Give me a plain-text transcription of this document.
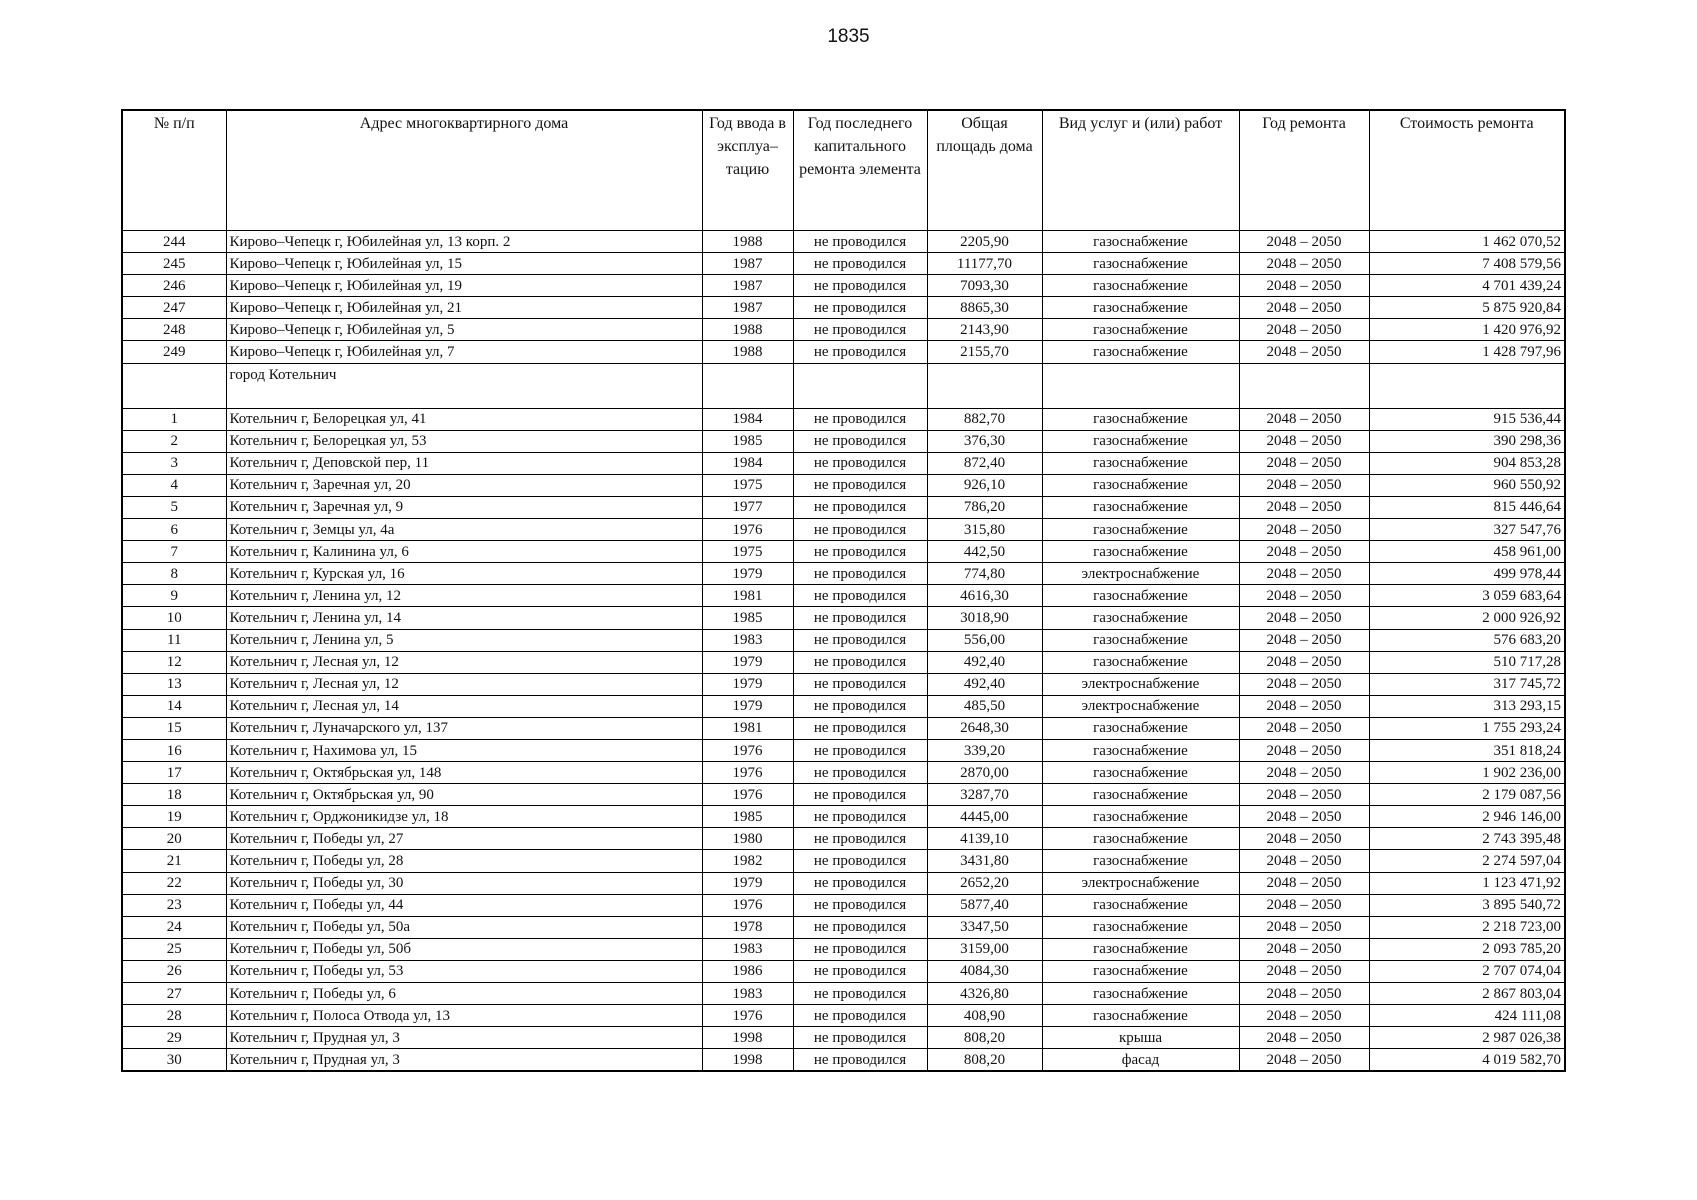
1835
№ п/п	Адрес многоквартирного дома	Год ввода в эксплуа– тацию	Год последнего капитального ремонта элемента	Общая площадь дома	Вид услуг и (или) работ	Год ремонта	Стоимость ремонта
244	Кирово–Чепецк г, Юбилейная ул, 13 корп. 2	1988	не проводился	2205,90	газоснабжение	2048 – 2050	1 462 070,52
245	Кирово–Чепецк г, Юбилейная ул, 15	1987	не проводился	11177,70	газоснабжение	2048 – 2050	7 408 579,56
246	Кирово–Чепецк г, Юбилейная ул, 19	1987	не проводился	7093,30	газоснабжение	2048 – 2050	4 701 439,24
247	Кирово–Чепецк г, Юбилейная ул, 21	1987	не проводился	8865,30	газоснабжение	2048 – 2050	5 875 920,84
248	Кирово–Чепецк г, Юбилейная ул, 5	1988	не проводился	2143,90	газоснабжение	2048 – 2050	1 420 976,92
249	Кирово–Чепецк г, Юбилейная ул, 7	1988	не проводился	2155,70	газоснабжение	2048 – 2050	1 428 797,96
	город Котельнич						
1	Котельнич г, Белорецкая ул, 41	1984	не проводился	882,70	газоснабжение	2048 – 2050	915 536,44
2	Котельнич г, Белорецкая ул, 53	1985	не проводился	376,30	газоснабжение	2048 – 2050	390 298,36
3	Котельнич г, Деповской пер, 11	1984	не проводился	872,40	газоснабжение	2048 – 2050	904 853,28
4	Котельнич г, Заречная ул, 20	1975	не проводился	926,10	газоснабжение	2048 – 2050	960 550,92
5	Котельнич г, Заречная ул, 9	1977	не проводился	786,20	газоснабжение	2048 – 2050	815 446,64
6	Котельнич г, Земцы ул, 4а	1976	не проводился	315,80	газоснабжение	2048 – 2050	327 547,76
7	Котельнич г, Калинина ул, 6	1975	не проводился	442,50	газоснабжение	2048 – 2050	458 961,00
8	Котельнич г, Курская ул, 16	1979	не проводился	774,80	электроснабжение	2048 – 2050	499 978,44
9	Котельнич г, Ленина ул, 12	1981	не проводился	4616,30	газоснабжение	2048 – 2050	3 059 683,64
10	Котельнич г, Ленина ул, 14	1985	не проводился	3018,90	газоснабжение	2048 – 2050	2 000 926,92
11	Котельнич г, Ленина ул, 5	1983	не проводился	556,00	газоснабжение	2048 – 2050	576 683,20
12	Котельнич г, Лесная ул, 12	1979	не проводился	492,40	газоснабжение	2048 – 2050	510 717,28
13	Котельнич г, Лесная ул, 12	1979	не проводился	492,40	электроснабжение	2048 – 2050	317 745,72
14	Котельнич г, Лесная ул, 14	1979	не проводился	485,50	электроснабжение	2048 – 2050	313 293,15
15	Котельнич г, Луначарского ул, 137	1981	не проводился	2648,30	газоснабжение	2048 – 2050	1 755 293,24
16	Котельнич г, Нахимова ул, 15	1976	не проводился	339,20	газоснабжение	2048 – 2050	351 818,24
17	Котельнич г, Октябрьская ул, 148	1976	не проводился	2870,00	газоснабжение	2048 – 2050	1 902 236,00
18	Котельнич г, Октябрьская ул, 90	1976	не проводился	3287,70	газоснабжение	2048 – 2050	2 179 087,56
19	Котельнич г, Орджоникидзе ул, 18	1985	не проводился	4445,00	газоснабжение	2048 – 2050	2 946 146,00
20	Котельнич г, Победы ул, 27	1980	не проводился	4139,10	газоснабжение	2048 – 2050	2 743 395,48
21	Котельнич г, Победы ул, 28	1982	не проводился	3431,80	газоснабжение	2048 – 2050	2 274 597,04
22	Котельнич г, Победы ул, 30	1979	не проводился	2652,20	электроснабжение	2048 – 2050	1 123 471,92
23	Котельнич г, Победы ул, 44	1976	не проводился	5877,40	газоснабжение	2048 – 2050	3 895 540,72
24	Котельнич г, Победы ул, 50а	1978	не проводился	3347,50	газоснабжение	2048 – 2050	2 218 723,00
25	Котельнич г, Победы ул, 50б	1983	не проводился	3159,00	газоснабжение	2048 – 2050	2 093 785,20
26	Котельнич г, Победы ул, 53	1986	не проводился	4084,30	газоснабжение	2048 – 2050	2 707 074,04
27	Котельнич г, Победы ул, 6	1983	не проводился	4326,80	газоснабжение	2048 – 2050	2 867 803,04
28	Котельнич г, Полоса Отвода ул, 13	1976	не проводился	408,90	газоснабжение	2048 – 2050	424 111,08
29	Котельнич г, Прудная ул, 3	1998	не проводился	808,20	крыша	2048 – 2050	2 987 026,38
30	Котельнич г, Прудная ул, 3	1998	не проводился	808,20	фасад	2048 – 2050	4 019 582,70
